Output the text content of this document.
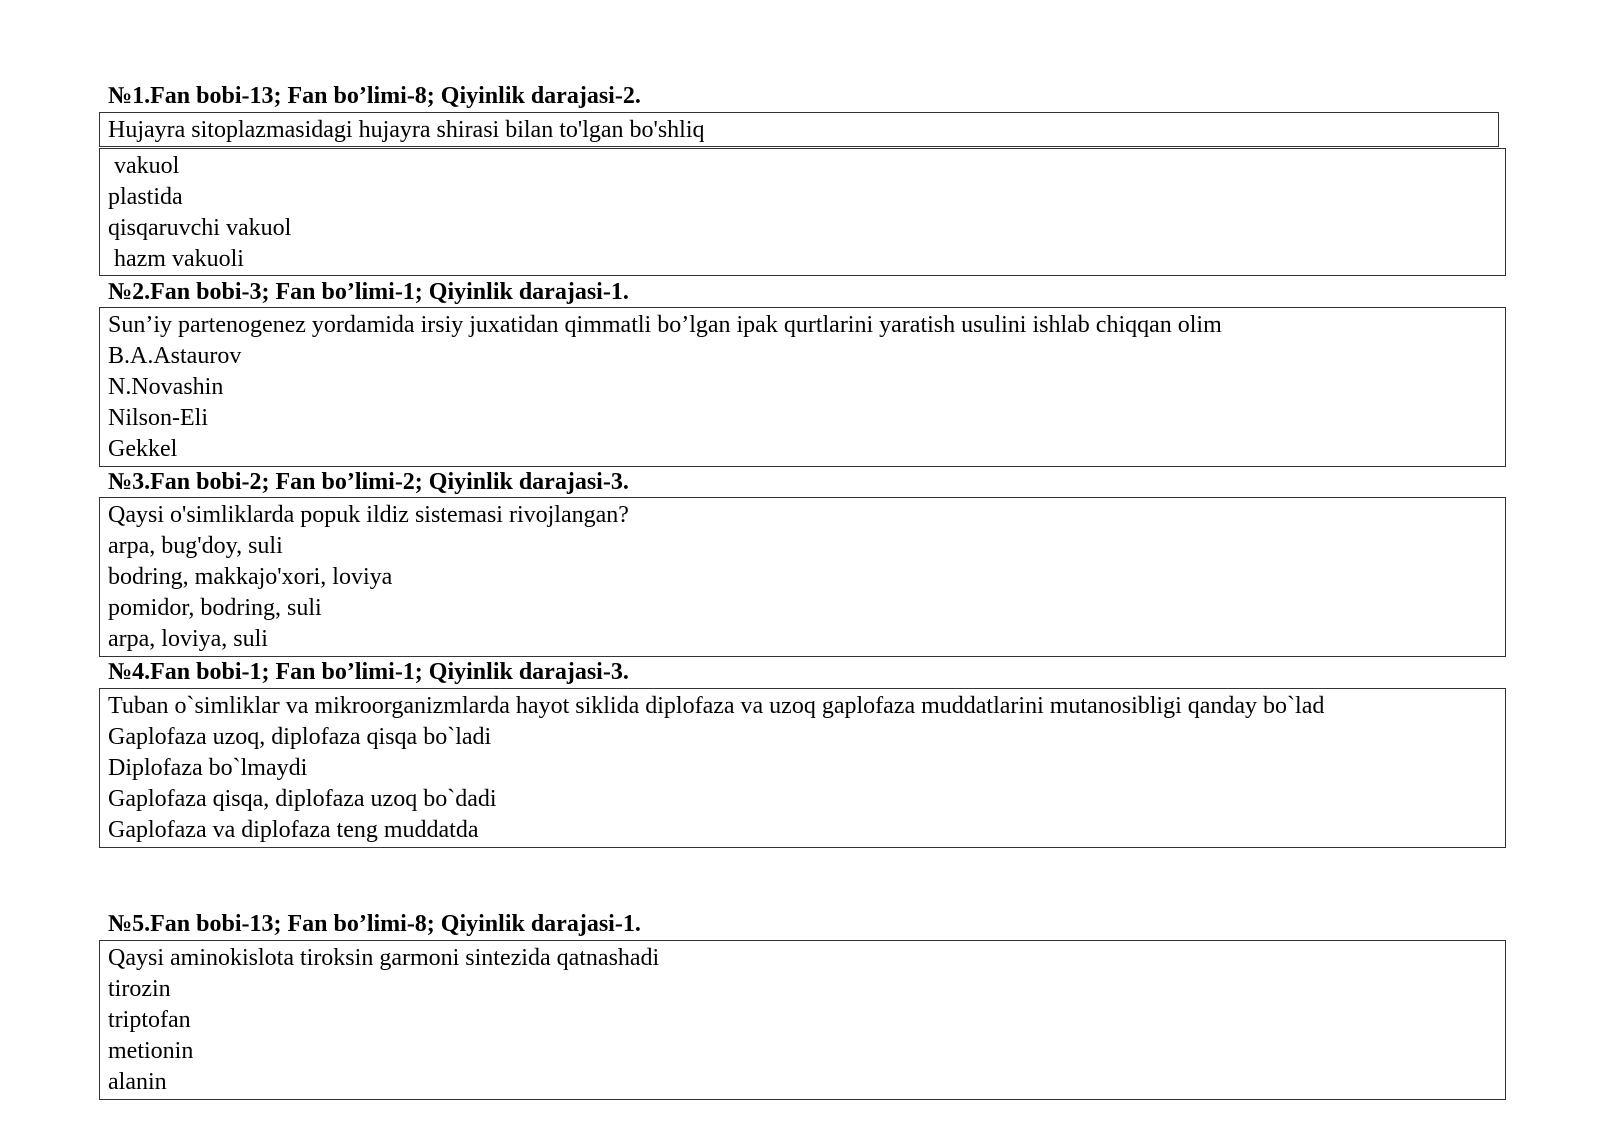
№1.Fan bobi-13; Fan bo’limi-8; Qiyinlik darajasi-2.
Hujayra sitoplazmasidagi hujayra shirasi bilan to'lgan bo'shliq
vakuol
plastida
qisqaruvchi vakuol
hazm vakuoli
№2.Fan bobi-3; Fan bo’limi-1; Qiyinlik darajasi-1.
Sun’iy partenogenez yordamida irsiy juxatidan qimmatli bo’lgan ipak qurtlarini yaratish usulini ishlab chiqqan olim
B.A.Astaurov
N.Novashin
Nilson-Eli
Gekkel
№3.Fan bobi-2; Fan bo’limi-2; Qiyinlik darajasi-3.
Qaysi o'simliklarda popuk ildiz sistemasi rivojlangan?
arpa, bug'doy, suli
bodring, makkajo'xori, loviya
pomidor, bodring, suli
arpa, loviya, suli
№4.Fan bobi-1; Fan bo’limi-1; Qiyinlik darajasi-3.
Tuban o`simliklar va mikroorganizmlarda hayot siklida diplofaza va uzoq gaplofaza muddatlarini mutanosibligi qanday bo`lad
Gaplofaza uzoq, diplofaza qisqa bo`ladi
Diplofaza bo`lmaydi
Gaplofaza qisqa, diplofaza uzoq bo`dadi
Gaplofaza va diplofaza teng muddatda
№5.Fan bobi-13; Fan bo’limi-8; Qiyinlik darajasi-1.
Qaysi aminokislota tiroksin garmoni sintezida qatnashadi
tirozin
triptofan
metionin
alanin
